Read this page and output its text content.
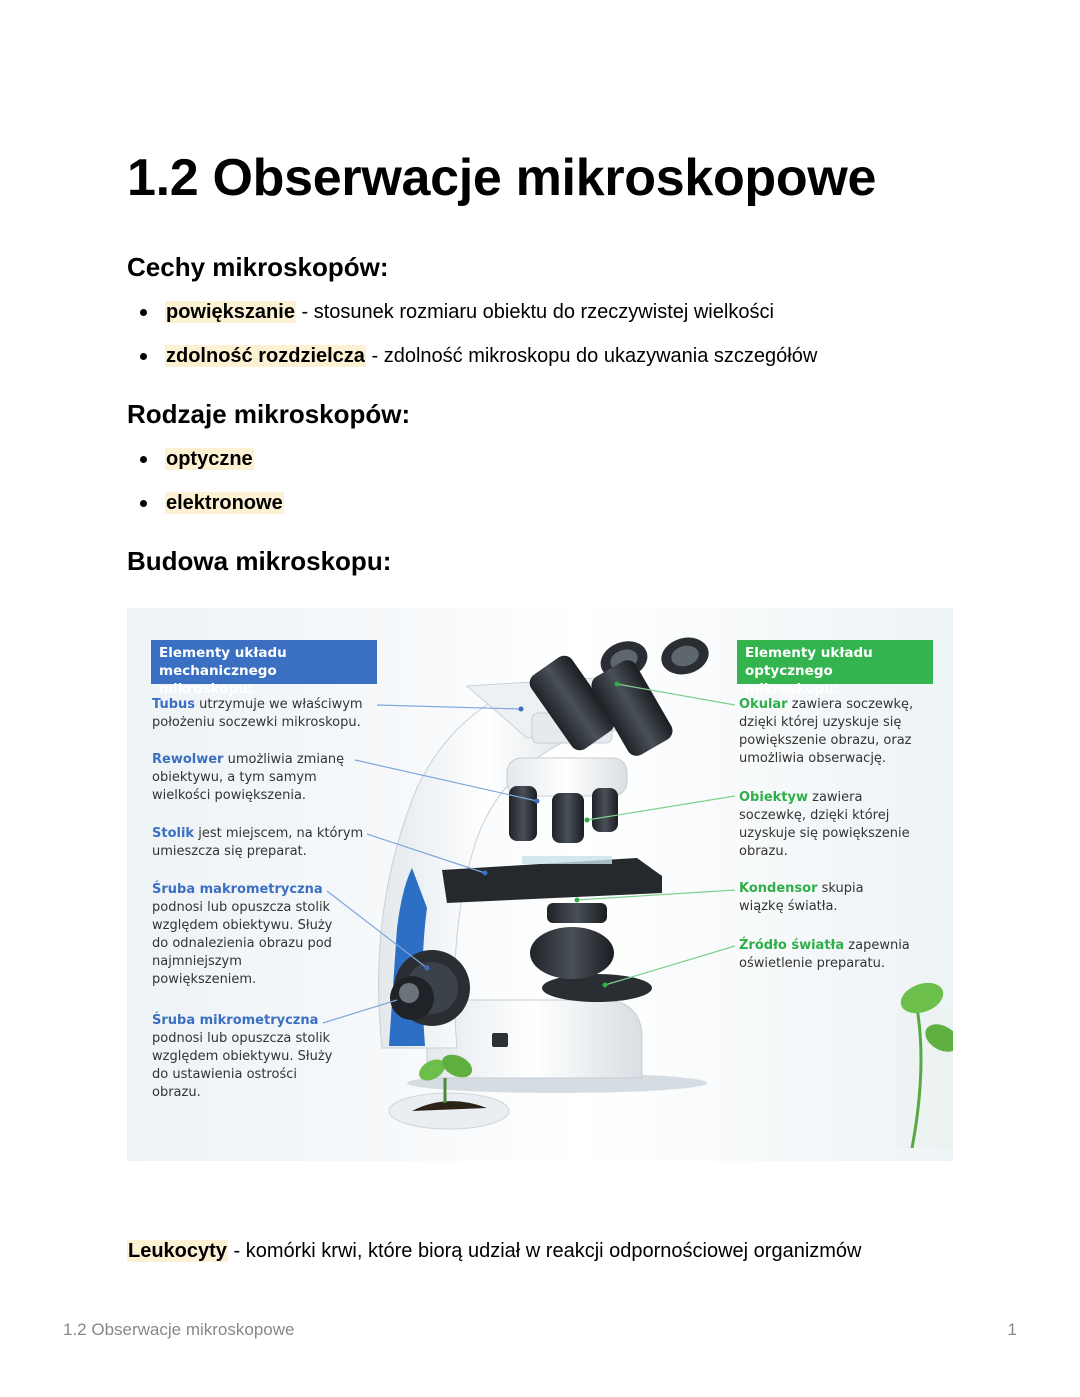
1.2 Obserwacje mikroskopowe
Cechy mikroskopów:
powiększanie - stosunek rozmiaru obiektu do rzeczywistej wielkości
zdolność rozdzielcza - zdolność mikroskopu do ukazywania szczegółów
Rodzaje mikroskopów:
optyczne
elektronowe
Budowa mikroskopu:
Elementy układu mechanicznego mikroskopu:
Elementy układu optycznego mikroskopu:
Tubus utrzymuje we właściwym położeniu soczewki mikroskopu.
Rewolwer umożliwia zmianę obiektywu, a tym samym wielkości powiększenia.
Stolik jest miejscem, na którym umieszcza się preparat.
Śruba makrometryczna podnosi lub opuszcza stolik względem obiektywu. Służy do odnalezienia obrazu pod najmniejszym powiększeniem.
Śruba mikrometryczna podnosi lub opuszcza stolik względem obiektywu. Służy do ustawienia ostrości obrazu.
Okular zawiera soczewkę, dzięki której uzyskuje się powiększenie obrazu, oraz umożliwia obserwację.
Obiektyw zawiera soczewkę, dzięki której uzyskuje się powiększenie obrazu.
Kondensor skupia wiązkę światła.
Źródło światła zapewnia oświetlenie preparatu.

Leukocyty - komórki krwi, które biorą udział w reakcji odpornościowej organizmów

1.2 Obserwacje mikroskopowe	1
